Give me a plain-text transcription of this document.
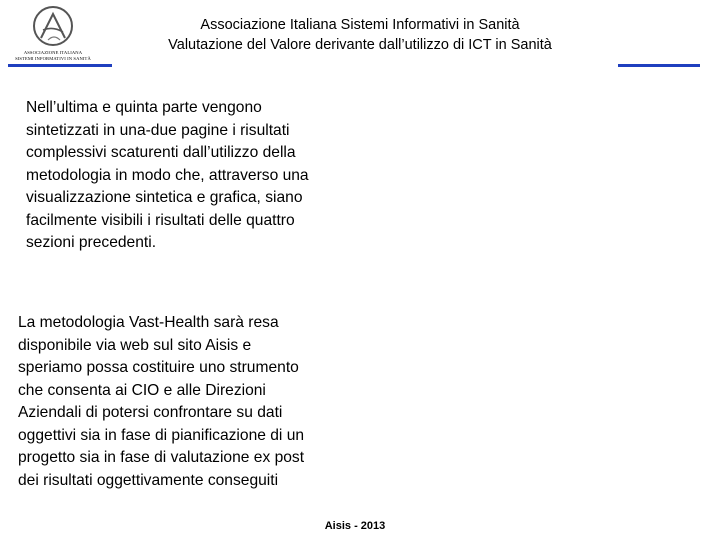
ASSOCIAZIONE ITALIANA
SISTEMI INFORMATIVI IN SANITÀ
Associazione Italiana Sistemi Informativi in Sanità
Valutazione del Valore derivante dall’utilizzo di ICT in Sanità

Nell’ultima e quinta parte vengono
sintetizzati in una-due pagine i risultati
complessivi scaturenti dall’utilizzo della
metodologia in modo che, attraverso una
visualizzazione sintetica e grafica, siano
facilmente visibili i risultati delle quattro
sezioni precedenti.

La metodologia Vast-Health sarà resa
disponibile via web sul sito Aisis e
speriamo possa costituire uno strumento
che consenta ai CIO e alle Direzioni
Aziendali di potersi confrontare su dati
oggettivi sia in fase di pianificazione di un
progetto sia in fase di valutazione ex post
dei risultati oggettivamente conseguiti

Aisis - 2013
